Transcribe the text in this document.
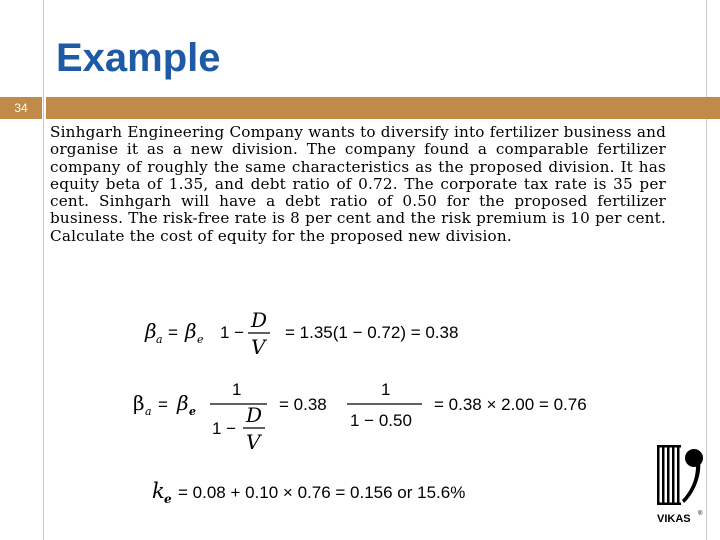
Example
34

Sinhgarh Engineering Company wants to diversify into fertilizer business and organise it as a new division. The company found a comparable fertilizer company of roughly the same characteristics as the proposed division. It has equity beta of 1.35, and debt ratio of 0.72. The corporate tax rate is 35 per cent. Sinhgarh will have a debt ratio of 0.50 for the proposed fertilizer business. The risk-free rate is 8 per cent and the risk premium is 10 per cent. Calculate the cost of equity for the proposed new division.

β a = β e 1 −
D
V
= 1.35(1 − 0.72) = 0.38
β a = β e
1
1 −
D
V
= 0.38
1
1 − 0.50
= 0.38 × 2.00 = 0.76
k e = 0.08 + 0.10 × 0.76 = 0.156 or 15.6%
VIKAS ®
